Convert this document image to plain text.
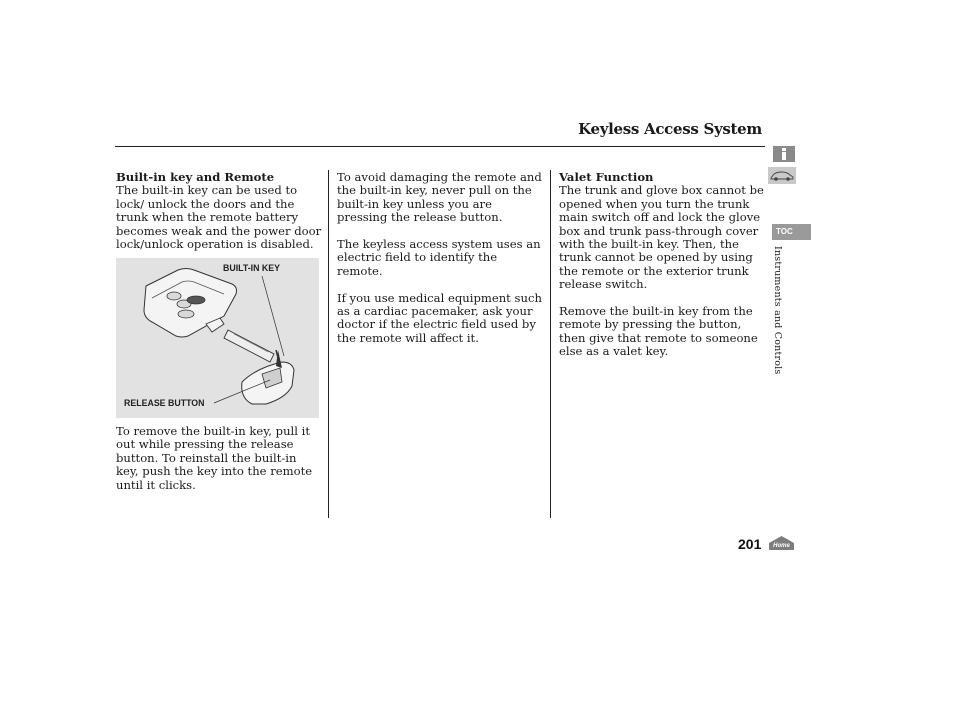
Keyless Access System
Built-in key and Remote

The built-in key can be used to lock/ unlock the doors and the trunk when the remote battery becomes weak and the power door lock/unlock operation is disabled.

BUILT-IN KEY
RELEASE BUTTON

To remove the built-in key, pull it out while pressing the release button. To reinstall the built-in key, push the key into the remote until it clicks.

To avoid damaging the remote and the built-in key, never pull on the built-in key unless you are pressing the release button.

The keyless access system uses an electric field to identify the remote.

If you use medical equipment such as a cardiac pacemaker, ask your doctor if the electric field used by the remote will affect it.

Valet Function

The trunk and glove box cannot be opened when you turn the trunk main switch off and lock the glove box and trunk pass-through cover with the built-in key. Then, the trunk cannot be opened by using the remote or the exterior trunk release switch.

Remove the built-in key from the remote by pressing the button, then give that remote to someone else as a valet key.

TOC
Instruments and Controls
201 Home
